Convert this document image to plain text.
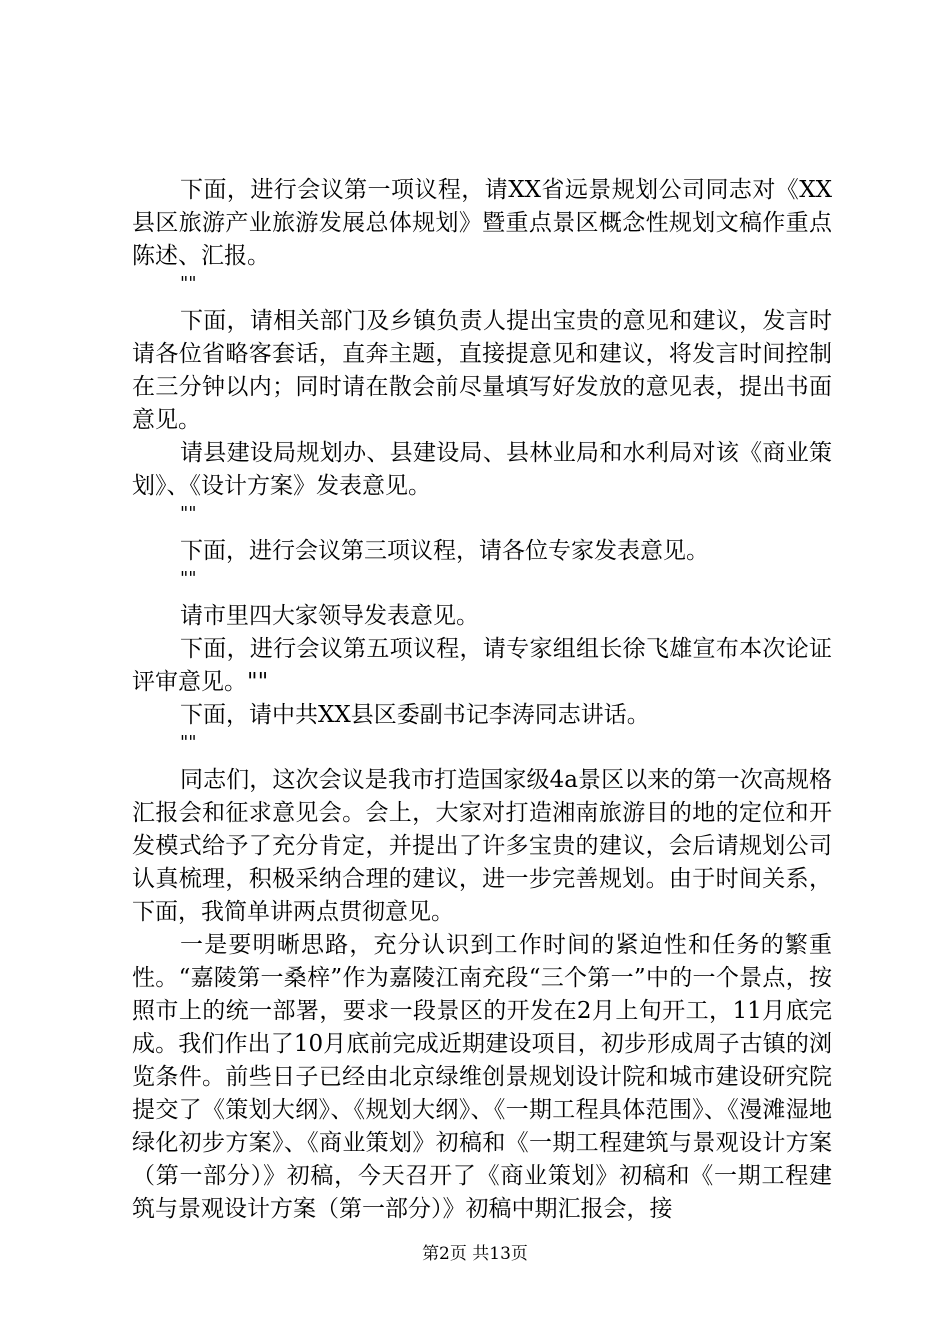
下面，进行会议第一项议程，请XX省远景规划公司同志对《XX县区旅游产业旅游发展总体规划》暨重点景区概念性规划文稿作重点陈述、汇报。

""

下面，请相关部门及乡镇负责人提出宝贵的意见和建议，发言时请各位省略客套话，直奔主题，直接提意见和建议，将发言时间控制在三分钟以内；同时请在散会前尽量填写好发放的意见表，提出书面意见。

请县建设局规划办、县建设局、县林业局和水利局对该《商业策划》、《设计方案》发表意见。

""

下面，进行会议第三项议程，请各位专家发表意见。

""

请市里四大家领导发表意见。

下面，进行会议第五项议程，请专家组组长徐飞雄宣布本次论证评审意见。""

下面，请中共XX县区委副书记李涛同志讲话。

""

同志们，这次会议是我市打造国家级4a景区以来的第一次高规格汇报会和征求意见会。会上，大家对打造湘南旅游目的地的定位和开发模式给予了充分肯定，并提出了许多宝贵的建议，会后请规划公司认真梳理，积极采纳合理的建议，进一步完善规划。由于时间关系，下面，我简单讲两点贯彻意见。

一是要明晰思路，充分认识到工作时间的紧迫性和任务的繁重性。“嘉陵第一桑梓”作为嘉陵江南充段“三个第一”中的一个景点，按照市上的统一部署，要求一段景区的开发在2月上旬开工，11月底完成。我们作出了10月底前完成近期建设项目，初步形成周子古镇的浏览条件。前些日子已经由北京绿维创景规划设计院和城市建设研究院提交了《策划大纲》、《规划大纲》、《一期工程具体范围》、《漫滩湿地绿化初步方案》、《商业策划》初稿和《一期工程建筑与景观设计方案（第一部分）》初稿，今天召开了《商业策划》初稿和《一期工程建筑与景观设计方案（第一部分）》初稿中期汇报会，接

第2页 共13页
